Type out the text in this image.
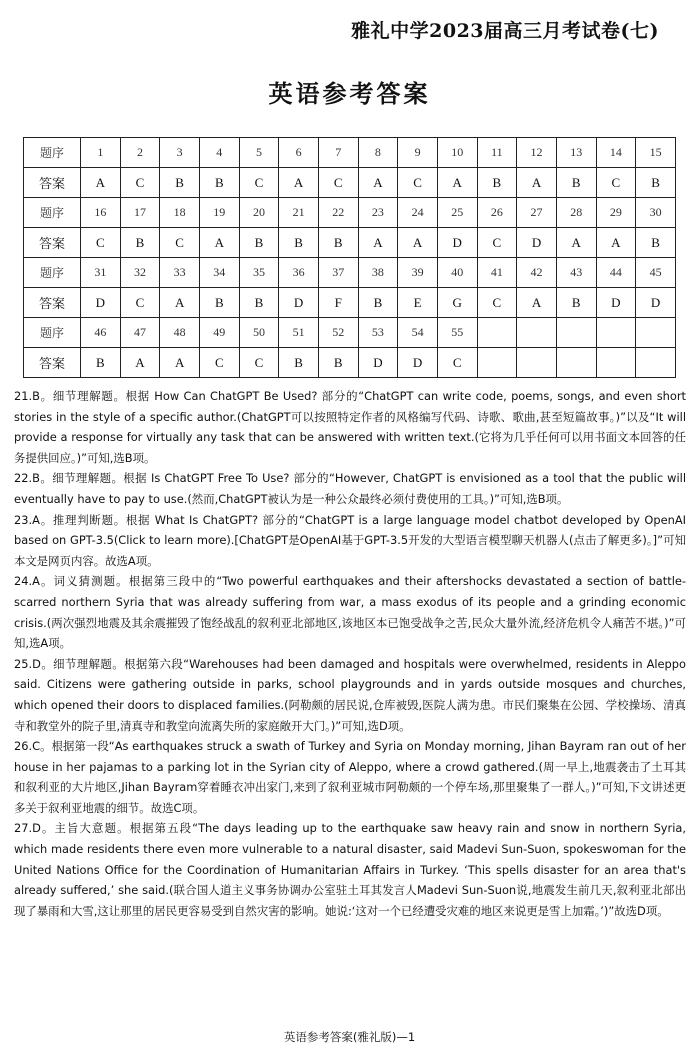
雅礼中学2023届高三月考试卷(七)
英语参考答案
题序	1	2	3	4	5	6	7	8	9	10	11	12	13	14	15
答案	A	C	B	B	C	A	C	A	C	A	B	A	B	C	B
题序	16	17	18	19	20	21	22	23	24	25	26	27	28	29	30
答案	C	B	C	A	B	B	B	A	A	D	C	D	A	A	B
题序	31	32	33	34	35	36	37	38	39	40	41	42	43	44	45
答案	D	C	A	B	B	D	F	B	E	G	C	A	B	D	D
题序	46	47	48	49	50	51	52	53	54	55					
答案	B	A	A	C	C	B	B	D	D	C					

21.B。细节理解题。根据 How Can ChatGPT Be Used? 部分的“ChatGPT can write code, poems, songs, and even short stories in the style of a specific author.(ChatGPT可以按照特定作者的风格编写代码、诗歌、歌曲,甚至短篇故事。)”以及“It will provide a response for virtually any task that can be answered with written text.(它将为几乎任何可以用书面文本回答的任务提供回应。)”可知,选B项。

22.B。细节理解题。根据 Is ChatGPT Free To Use? 部分的“However, ChatGPT is envisioned as a tool that the public will eventually have to pay to use.(然而,ChatGPT被认为是一种公众最终必须付费使用的工具。)”可知,选B项。

23.A。推理判断题。根据 What Is ChatGPT? 部分的“ChatGPT is a large language model chatbot developed by OpenAI based on GPT-3.5(Click to learn more).[ChatGPT是OpenAI基于GPT-3.5开发的大型语言模型聊天机器人(点击了解更多)。]”可知本文是网页内容。故选A项。

24.A。词义猜测题。根据第三段中的“Two powerful earthquakes and their aftershocks devastated a section of battle-scarred northern Syria that was already suffering from war, a mass exodus of its people and a grinding economic crisis.(两次强烈地震及其余震摧毁了饱经战乱的叙利亚北部地区,该地区本已饱受战争之苦,民众大量外流,经济危机令人痛苦不堪。)”可知,选A项。

25.D。细节理解题。根据第六段“Warehouses had been damaged and hospitals were overwhelmed, residents in Aleppo said. Citizens were gathering outside in parks, school playgrounds and in yards outside mosques and churches, which opened their doors to displaced families.(阿勒颇的居民说,仓库被毁,医院人满为患。市民们聚集在公园、学校操场、清真寺和教堂外的院子里,清真寺和教堂向流离失所的家庭敞开大门。)”可知,选D项。

26.C。根据第一段“As earthquakes struck a swath of Turkey and Syria on Monday morning, Jihan Bayram ran out of her house in her pajamas to a parking lot in the Syrian city of Aleppo, where a crowd gathered.(周一早上,地震袭击了土耳其和叙利亚的大片地区,Jihan Bayram穿着睡衣冲出家门,来到了叙利亚城市阿勒颇的一个停车场,那里聚集了一群人。)”可知,下文讲述更多关于叙利亚地震的细节。故选C项。

27.D。主旨大意题。根据第五段“The days leading up to the earthquake saw heavy rain and snow in northern Syria, which made residents there even more vulnerable to a natural disaster, said Madevi Sun-Suon, spokeswoman for the United Nations Office for the Coordination of Humanitarian Affairs in Turkey. ‘This spells disaster for an area that's already suffered,’ she said.(联合国人道主义事务协调办公室驻土耳其发言人Madevi Sun-Suon说,地震发生前几天,叙利亚北部出现了暴雨和大雪,这让那里的居民更容易受到自然灾害的影响。她说:‘这对一个已经遭受灾难的地区来说更是雪上加霜。’)”故选D项。

英语参考答案(雅礼版)—1
